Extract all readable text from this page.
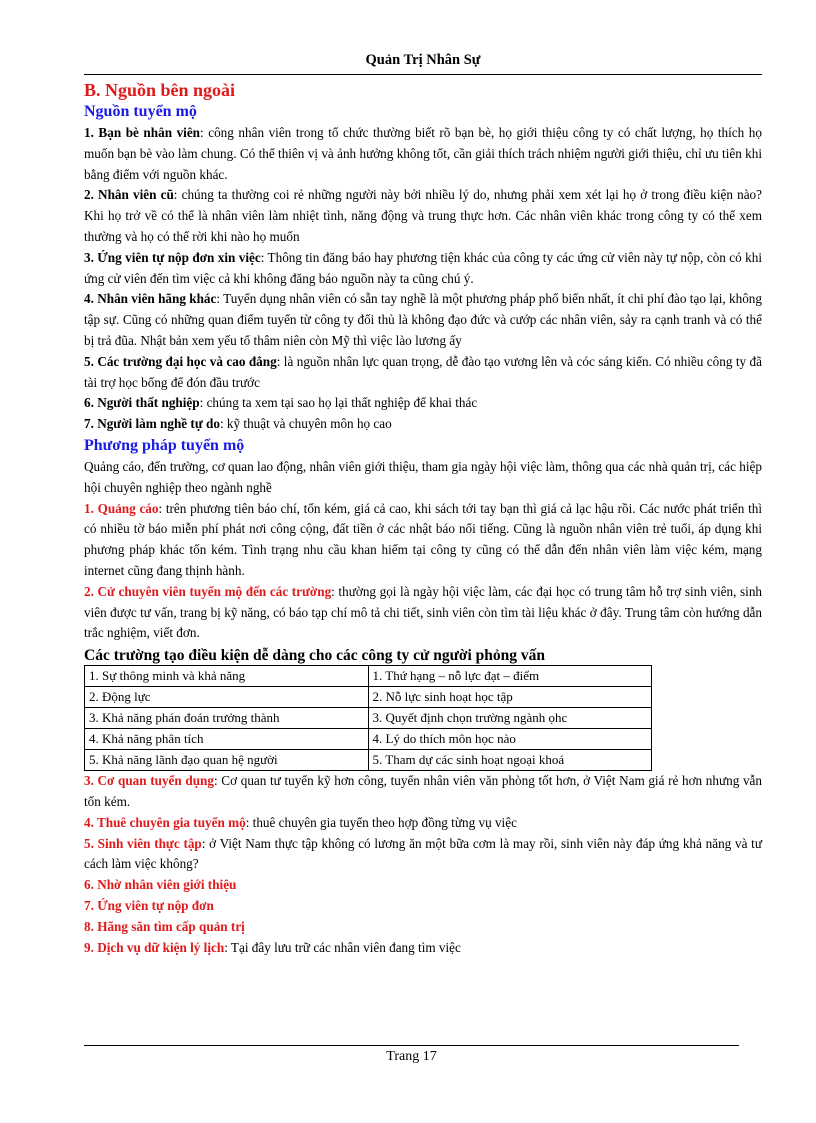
Quản Trị Nhân Sự
B. Nguồn bên ngoài
Nguồn tuyển mộ

1. Bạn bè nhân viên: công nhân viên trong tổ chức thường biết rõ bạn bè, họ giới thiệu công ty có chất lượng, họ thích họ muốn bạn bè vào làm chung. Có thể thiên vị và ảnh hưởng không tốt, cần giải thích trách nhiệm người giới thiệu, chỉ ưu tiên khi bằng điểm với nguồn khác.

2. Nhân viên cũ: chúng ta thường coi rẻ những người này bởi nhiều lý do, nhưng phải xem xét lại họ ở trong điều kiện nào? Khi họ trở về có thể là nhân viên làm nhiệt tình, năng động và trung thực hơn. Các nhân viên khác trong công ty có thể xem thường và họ có thể rời khi nào họ muốn

3. Ứng viên tự nộp đơn xin việc: Thông tin đăng báo hay phương tiện khác của công ty các ứng cử viên này tự nộp, còn có khi ứng cử viên đến tìm việc cả khi không đăng báo nguồn này ta cũng chú ý.

4. Nhân viên hãng khác: Tuyển dụng nhân viên có sẵn tay nghề là một phương pháp phổ biến nhất, ít chi phí đào tạo lại, không tập sự. Cũng có những quan điểm tuyển từ công ty đối thủ là không đạo đức và cướp các nhân viên, sảy ra cạnh tranh và có thể bị trả đũa. Nhật bản xem yếu tố thâm niên còn Mỹ thì việc lào lương ấy

5. Các trường đại học và cao đẳng: là nguồn nhân lực quan trọng, dễ đào tạo vương lên và cóc sáng kiến. Có nhiều công ty đã tài trợ học bổng để đón đầu trước

6. Người thất nghiệp: chúng ta xem tại sao họ lại thất nghiệp để khai thác

7. Người làm nghề tự do: kỹ thuật và chuyên môn họ cao

Phương pháp tuyển mộ

Quảng cáo, đến trường, cơ quan lao động, nhân viên giới thiệu, tham gia ngày hội việc làm, thông qua các nhà quản trị, các hiệp hội chuyên nghiệp theo ngành nghề

1. Quảng cáo: trên phương tiên báo chí, tốn kém, giá cả cao, khi sách tới tay bạn thì giá cả lạc hậu rồi. Các nước phát triển thì có nhiều tờ báo miễn phí phát nơi công cộng, đất tiền ở các nhật báo nổi tiếng. Cũng là nguồn nhân viên trẻ tuổi, áp dụng khi phương pháp khác tốn kém. Tình trạng nhu cầu khan hiếm tại công ty cũng có thể dẫn đến nhân viên làm việc kém, mạng internet cũng đang thịnh hành.

2. Cử chuyên viên tuyển mộ đến các trường: thường gọi là ngày hội việc làm, các đại học có trung tâm hỗ trợ sinh viên, sinh viên được tư vấn, trang bị kỹ năng, có báo tạp chí mô tả chi tiết, sinh viên còn tìm tài liệu khác ở đây. Trung tâm còn hướng dẫn trắc nghiệm, viết đơn.

Các trường tạo điều kiện dễ dàng cho các công ty cử người phỏng vấn
1. Sự thông minh và khả năng	1. Thứ hạng – nỗ lực đạt – điểm
2. Động lực	2. Nỗ lực sinh hoạt học tập
3. Khả năng phán đoán trưởng thành	3. Quyết định chọn trường ngành ọhc
4. Khả năng phân tích	4. Lý do thích môn học nào
5. Khả năng lãnh đạo quan hệ người	5. Tham dự các sinh hoạt ngoại khoá

3. Cơ quan tuyển dụng: Cơ quan tư tuyển kỹ hơn công, tuyển nhân viên văn phòng tốt hơn, ở Việt Nam giá rẻ hơn nhưng vẫn tốn kém.

4. Thuê chuyên gia tuyển mộ: thuê chuyên gia tuyển theo hợp đồng từng vụ việc

5. Sinh viên thực tập: ở Việt Nam thực tập không có lương ăn một bữa cơm là may rồi, sinh viên này đáp ứng khả năng và tư cách làm việc không?

6. Nhờ nhân viên giới thiệu

7. Ứng viên tự nộp đơn

8. Hãng săn tìm cấp quản trị

9. Dịch vụ dữ kiện lý lịch: Tại đây lưu trữ các nhân viên đang tìm việc

Trang 17
